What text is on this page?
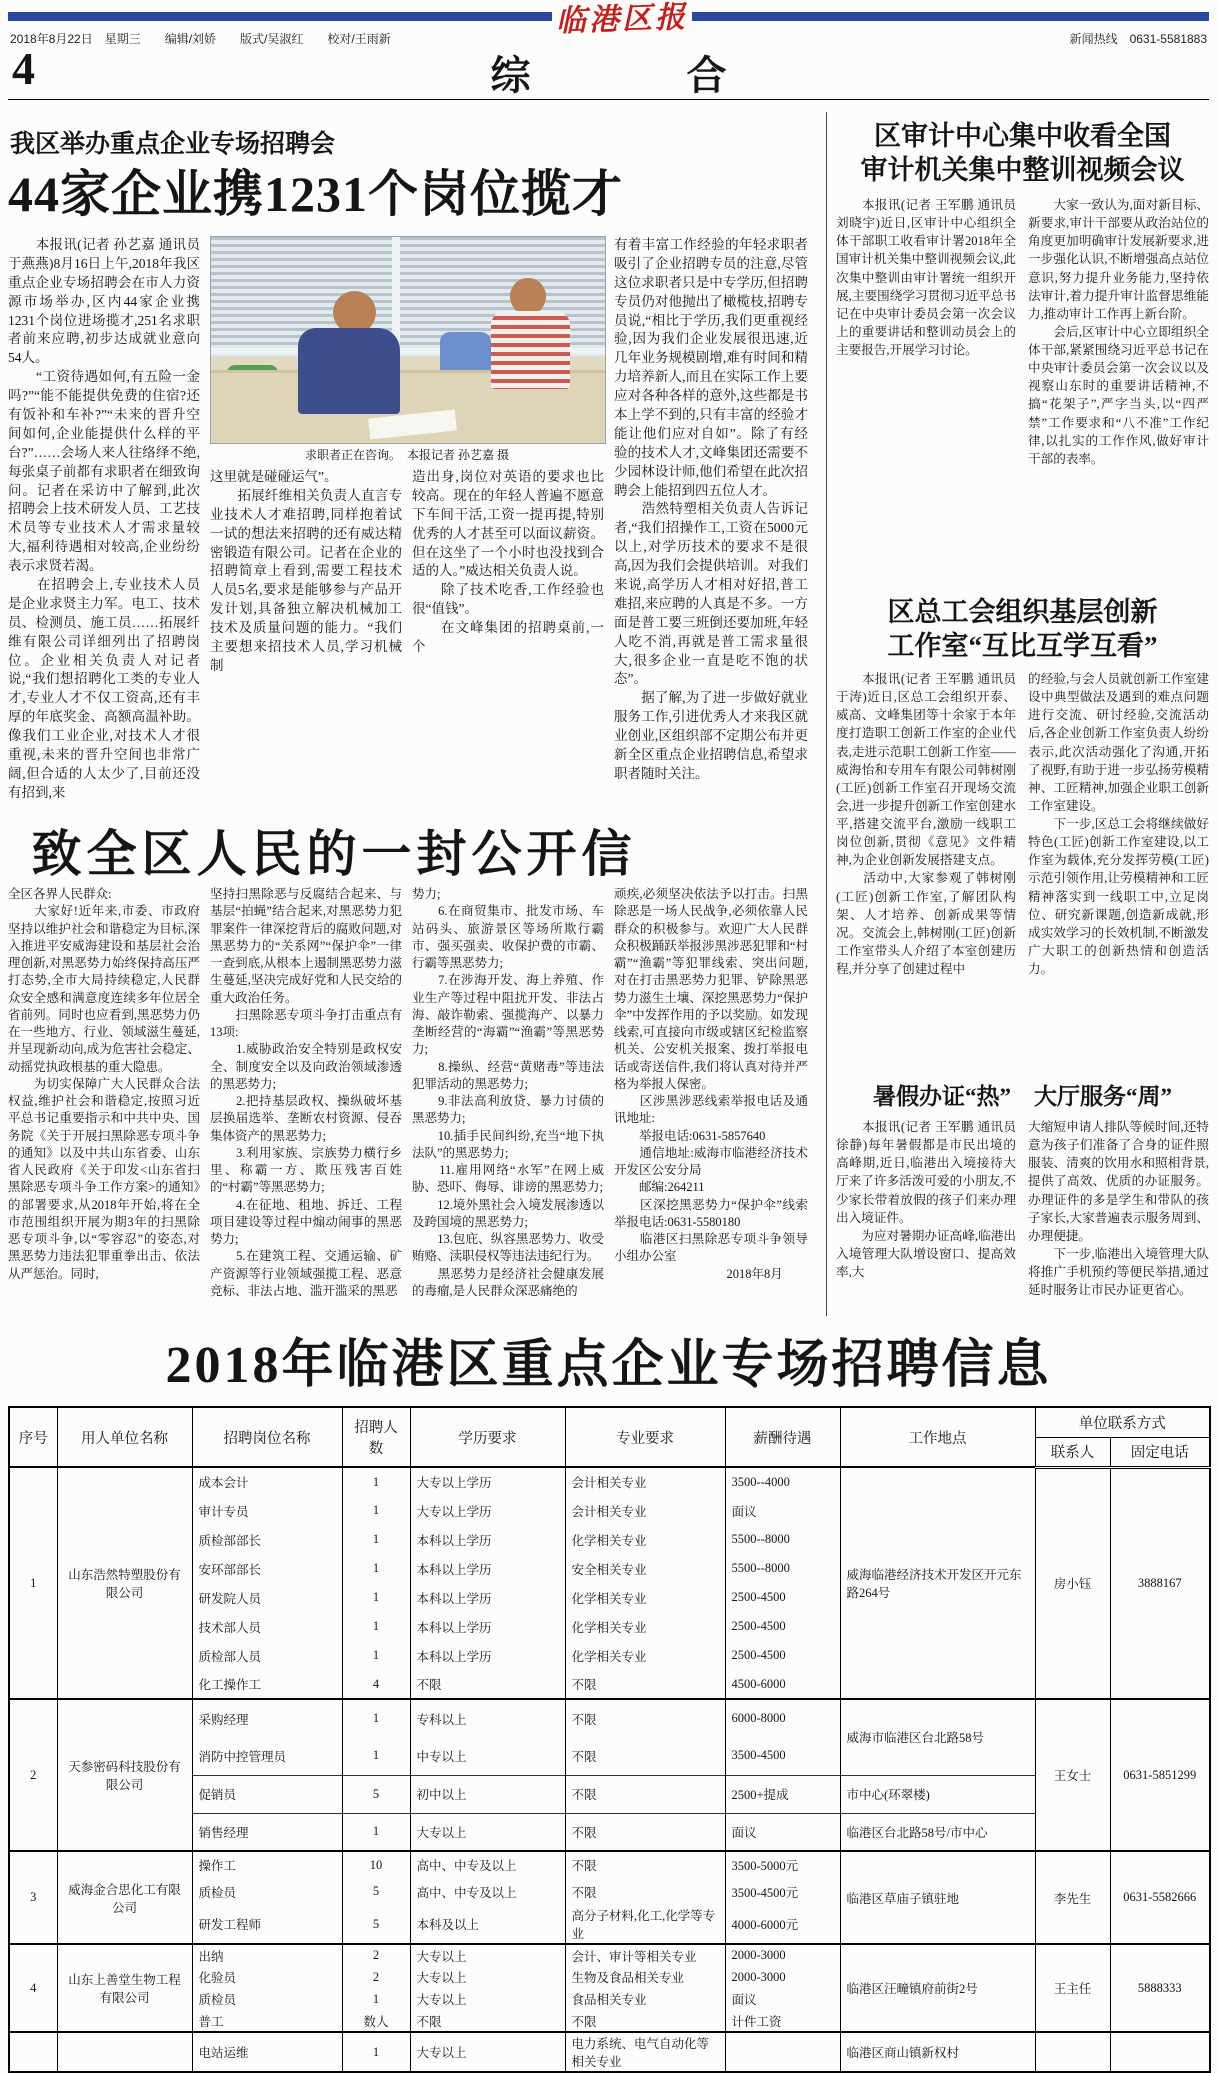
临港区报
2018年8月22日　星期三　　编辑/刘娇　　版式/吴淑红　　校对/王雨新	新闻热线　0631-5581883
4	综　合
我区举办重点企业专场招聘会
44家企业携1231个岗位揽才

　　本报讯(记者 孙艺嘉 通讯员 于燕燕)8月16日上午,2018年我区重点企业专场招聘会在市人力资源市场举办,区内44家企业携1231个岗位进场揽才,251名求职者前来应聘,初步达成就业意向54人。

　　“工资待遇如何,有五险一金吗?”“能不能提供免费的住宿?还有饭补和车补?”“未来的晋升空间如何,企业能提供什么样的平台?”……会场人来人往络绎不绝,每张桌子前都有求职者在细致询问。记者在采访中了解到,此次招聘会上技术研发人员、工艺技术员等专业技术人才需求量较大,福利待遇相对较高,企业纷纷表示求贤若渴。

　　在招聘会上,专业技术人员是企业求贤主力军。电工、技术员、检测员、施工员……拓展纤维有限公司详细列出了招聘岗位。企业相关负责人对记者说,“我们想招聘化工类的专业人才,专业人才不仅工资高,还有丰厚的年底奖金、高额高温补助。像我们工业企业,对技术人才很重视,未来的晋升空间也非常广阔,但合适的人太少了,目前还没有招到,来

求职者正在咨询。　本报记者 孙艺嘉 摄

这里就是碰碰运气”。

　　拓展纤维相关负责人直言专业技术人才难招聘,同样抱着试一试的想法来招聘的还有威达精密锻造有限公司。记者在企业的招聘简章上看到,需要工程技术人员5名,要求是能够参与产品开发计划,具备独立解决机械加工技术及质量问题的能力。“我们主要想来招技术人员,学习机械制

造出身,岗位对英语的要求也比较高。现在的年轻人普遍不愿意下车间干活,工资一提再提,特别优秀的人才甚至可以面议薪资。但在这坐了一个小时也没找到合适的人。”威达相关负责人说。

　　除了技术吃香,工作经验也很“值钱”。

　　在文峰集团的招聘桌前,一个

有着丰富工作经验的年轻求职者吸引了企业招聘专员的注意,尽管这位求职者只是中专学历,但招聘专员仍对他抛出了橄榄枝,招聘专员说,“相比于学历,我们更重视经验,因为我们企业发展很迅速,近几年业务规模剧增,难有时间和精力培养新人,而且在实际工作上要应对各种各样的意外,这些都是书本上学不到的,只有丰富的经验才能让他们应对自如”。除了有经验的技术人才,文峰集团还需要不少园林设计师,他们希望在此次招聘会上能招到四五位人才。

　　浩然特塑相关负责人告诉记者,“我们招操作工,工资在5000元以上,对学历技术的要求不是很高,因为我们会提供培训。对我们来说,高学历人才相对好招,普工难招,来应聘的人真是不多。一方面是普工要三班倒还要加班,年轻人吃不消,再就是普工需求量很大,很多企业一直是吃不饱的状态”。

　　据了解,为了进一步做好就业服务工作,引进优秀人才来我区就业创业,区组织部不定期公布并更新全区重点企业招聘信息,希望求职者随时关注。

致全区人民的一封公开信

全区各界人民群众:

　　大家好!近年来,市委、市政府坚持以维护社会和谐稳定为目标,深入推进平安威海建设和基层社会治理创新,对黑恶势力始终保持高压严打态势,全市大局持续稳定,人民群众安全感和满意度连续多年位居全省前列。同时也应看到,黑恶势力仍在一些地方、行业、领域滋生蔓延,并呈现新动向,成为危害社会稳定、动摇党执政根基的重大隐患。

　　为切实保障广大人民群众合法权益,维护社会和谐稳定,按照习近平总书记重要指示和中共中央、国务院《关于开展扫黑除恶专项斗争的通知》以及中共山东省委、山东省人民政府《关于印发<山东省扫黑除恶专项斗争工作方案>的通知》的部署要求,从2018年开始,将在全市范围组织开展为期3年的扫黑除恶专项斗争,以“零容忍”的姿态,对黑恶势力违法犯罪重拳出击、依法从严惩治。同时,

坚持扫黑除恶与反腐结合起来、与基层“拍蝇”结合起来,对黑恶势力犯罪案件一律深挖背后的腐败问题,对黑恶势力的“关系网”“保护伞”一律一查到底,从根本上遏制黑恶势力滋生蔓延,坚决完成好党和人民交给的重大政治任务。

　　扫黑除恶专项斗争打击重点有13项:

　　1.威胁政治安全特别是政权安全、制度安全以及向政治领域渗透的黑恶势力;

　　2.把持基层政权、操纵破坏基层换届选举、垄断农村资源、侵吞集体资产的黑恶势力;

　　3.利用家族、宗族势力横行乡里、称霸一方、欺压残害百姓的“村霸”等黑恶势力;

　　4.在征地、租地、拆迁、工程项目建设等过程中煽动闹事的黑恶势力;

　　5.在建筑工程、交通运输、矿产资源等行业领域强揽工程、恶意竞标、非法占地、滥开滥采的黑恶

势力;

　　6.在商贸集市、批发市场、车站码头、旅游景区等场所欺行霸市、强买强卖、收保护费的市霸、行霸等黑恶势力;

　　7.在涉海开发、海上养殖、作业生产等过程中阻扰开发、非法占海、敲诈勒索、强揽海产、以暴力垄断经营的“海霸”“渔霸”等黑恶势力;

　　8.操纵、经营“黄赌毒”等违法犯罪活动的黑恶势力;

　　9.非法高利放贷、暴力讨债的黑恶势力;

　　10.插手民间纠纷,充当“地下执法队”的黑恶势力;

　　11.雇用网络“水军”在网上威胁、恐吓、侮辱、诽谤的黑恶势力;

　　12.境外黑社会入境发展渗透以及跨国境的黑恶势力;

　　13.包庇、纵容黑恶势力、收受贿赂、渎职侵权等违法违纪行为。

　　黑恶势力是经济社会健康发展的毒瘤,是人民群众深恶痛绝的

顽疾,必须坚决依法予以打击。扫黑除恶是一场人民战争,必须依靠人民群众的积极参与。欢迎广大人民群众积极踊跃举报涉黑涉恶犯罪和“村霸”“渔霸”等犯罪线索、突出问题,对在打击黑恶势力犯罪、铲除黑恶势力滋生土壤、深挖黑恶势力“保护伞”中发挥作用的予以奖励。如发现线索,可直接向市级或辖区纪检监察机关、公安机关报案、拨打举报电话或寄送信件,我们将认真对待并严格为举报人保密。

　　区涉黑涉恶线索举报电话及通讯地址:

　　举报电话:0631-5857640

　　通信地址:威海市临港经济技术开发区公安分局

　　邮编:264211

　　区深挖黑恶势力“保护伞”线索举报电话:0631-5580180

　　临港区扫黑除恶专项斗争领导小组办公室

　　　　　　　　　2018年8月

区审计中心集中收看全国
审计机关集中整训视频会议

　　本报讯(记者 王军鹏 通讯员 刘晓宇)近日,区审计中心组织全体干部职工收看审计署2018年全国审计机关集中整训视频会议,此次集中整训由审计署统一组织开展,主要围绕学习贯彻习近平总书记在中央审计委员会第一次会议上的重要讲话和整训动员会上的主要报告,开展学习讨论。

　　大家一致认为,面对新目标、新要求,审计干部要从政治站位的角度更加明确审计发展新要求,进一步强化认识,不断增强高点站位意识,努力提升业务能力,坚持依法审计,着力提升审计监督思维能力,推动审计工作再上新台阶。

　　会后,区审计中心立即组织全体干部,紧紧围绕习近平总书记在中央审计委员会第一次会议以及视察山东时的重要讲话精神,不搞“花架子”,严字当头,以“四严禁”工作要求和“八不准”工作纪律,以扎实的工作作风,做好审计干部的表率。

区总工会组织基层创新
工作室“互比互学互看”

　　本报讯(记者 王军鹏 通讯员 于涛)近日,区总工会组织开泰、威高、文峰集团等十余家于本年度打造职工创新工作室的企业代表,走进示范职工创新工作室——威海怡和专用车有限公司韩树刚(工匠)创新工作室召开现场交流会,进一步提升创新工作室创建水平,搭建交流平台,激励一线职工岗位创新,贯彻《意见》文件精神,为企业创新发展搭建支点。

　　活动中,大家参观了韩树刚(工匠)创新工作室,了解团队构架、人才培养、创新成果等情况。交流会上,韩树刚(工匠)创新工作室带头人介绍了本室创建历程,并分享了创建过程中

的经验,与会人员就创新工作室建设中典型做法及遇到的难点问题进行交流、研讨经验,交流活动后,各企业创新工作室负责人纷纷表示,此次活动强化了沟通,开拓了视野,有助于进一步弘扬劳模精神、工匠精神,加强企业职工创新工作室建设。

　　下一步,区总工会将继续做好特色(工匠)创新工作室建设,以工作室为载体,充分发挥劳模(工匠)示范引领作用,让劳模精神和工匠精神落实到一线职工中,立足岗位、研究新课题,创造新成就,形成实效学习的长效机制,不断激发广大职工的创新热情和创造活力。

暑假办证“热”　大厅服务“周”

　　本报讯(记者 王军鹏 通讯员 徐静)每年暑假都是市民出境的高峰期,近日,临港出入境接待大厅来了许多活泼可爱的小朋友,不少家长带着放假的孩子们来办理出入境证件。

　　为应对暑期办证高峰,临港出入境管理大队增设窗口、提高效率,大

大缩短申请人排队等候时间,还特意为孩子们准备了合身的证件照服装、清爽的饮用水和照相背景,提供了高效、优质的办证服务。办理证件的多是学生和带队的孩子家长,大家普遍表示服务周到、办理便捷。

　　下一步,临港出入境管理大队将推广手机预约等便民举措,通过延时服务让市民办证更省心。

2018年临港区重点企业专场招聘信息
序号	用人单位名称	招聘岗位名称	招聘人数	学历要求	专业要求	薪酬待遇	工作地点	单位联系方式	
								联系人	固定电话
1	山东浩然特塑股份有限公司	成本会计	1	大专以上学历	会计相关专业	3500--4000	威海临港经济技术开发区开元东路264号	房小钰	3888167
		审计专员	1	大专以上学历	会计相关专业	面议			
		质检部部长	1	本科以上学历	化学相关专业	5500--8000			
		安环部部长	1	本科以上学历	安全相关专业	5500--8000			
		研发院人员	1	本科以上学历	化学相关专业	2500-4500			
		技术部人员	1	本科以上学历	化学相关专业	2500-4500			
		质检部人员	1	本科以上学历	化学相关专业	2500-4500			
		化工操作工	4	不限	不限	4500-6000			
2	天参密码科技股份有限公司	采购经理	1	专科以上	不限	6000-8000	威海市临港区台北路58号	王女士	0631-5851299
		消防中控管理员	1	中专以上	不限	3500-4500			
		促销员	5	初中以上	不限	2500+提成	市中心(环翠楼)		
		销售经理	1	大专以上	不限	面议	临港区台北路58号/市中心		
3	威海金合思化工有限公司	操作工	10	高中、中专及以上	不限	3500-5000元	临港区草庙子镇驻地	李先生	0631-5582666
		质检员	5	高中、中专及以上	不限	3500-4500元			
		研发工程师	5	本科及以上	高分子材料,化工,化学等专业	4000-6000元			
4	山东上善堂生物工程有限公司	出纳	2	大专以上	会计、审计等相关专业	2000-3000	临港区汪疃镇府前街2号	王主任	5888333
		化验员	2	大专以上	生物及食品相关专业	2000-3000			
		质检员	1	大专以上	食品相关专业	面议			
		普工	数人	不限	不限	计件工资			
		电站运维	1	大专以上	电力系统、电气自动化等相关专业		临港区商山镇新权村		
